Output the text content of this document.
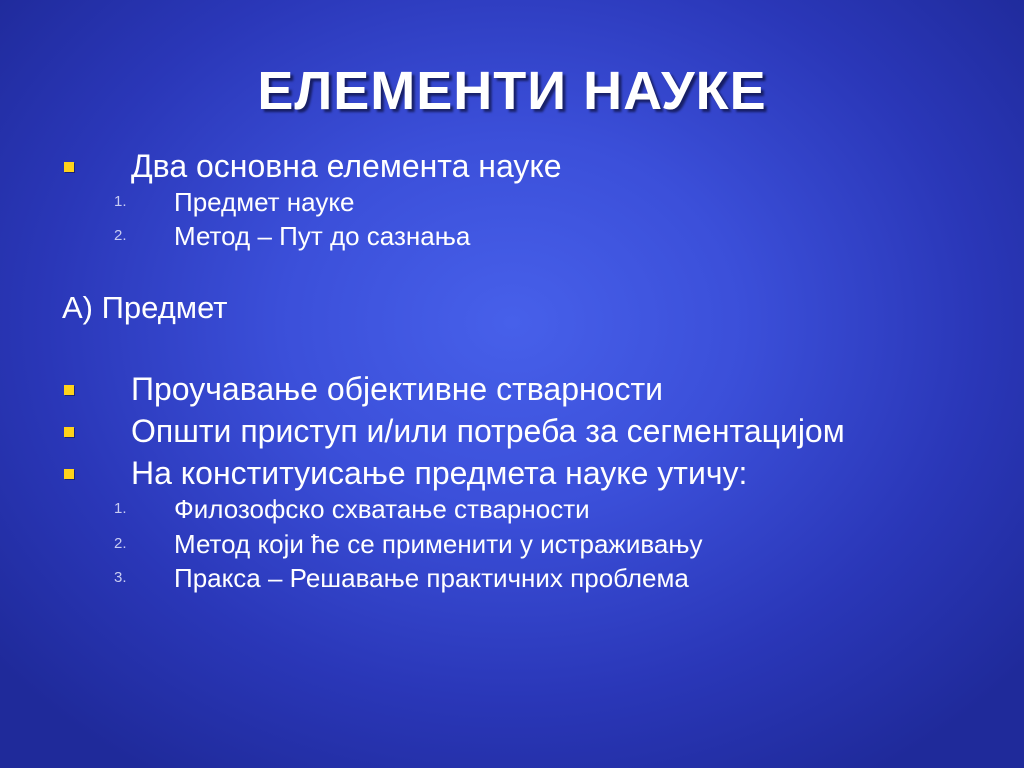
ЕЛЕМЕНТИ НАУКЕ
Два основна елемента науке
1. Предмет науке
2. Метод – Пут до сазнања
А) Предмет
Проучавање објективне стварности
Општи приступ и/или потреба за сегментацијом
На конституисање предмета науке утичу:
1. Филозофско схватање стварности
2. Метод који ће се применити у истраживању
3. Пракса – Решавање практичних проблема
